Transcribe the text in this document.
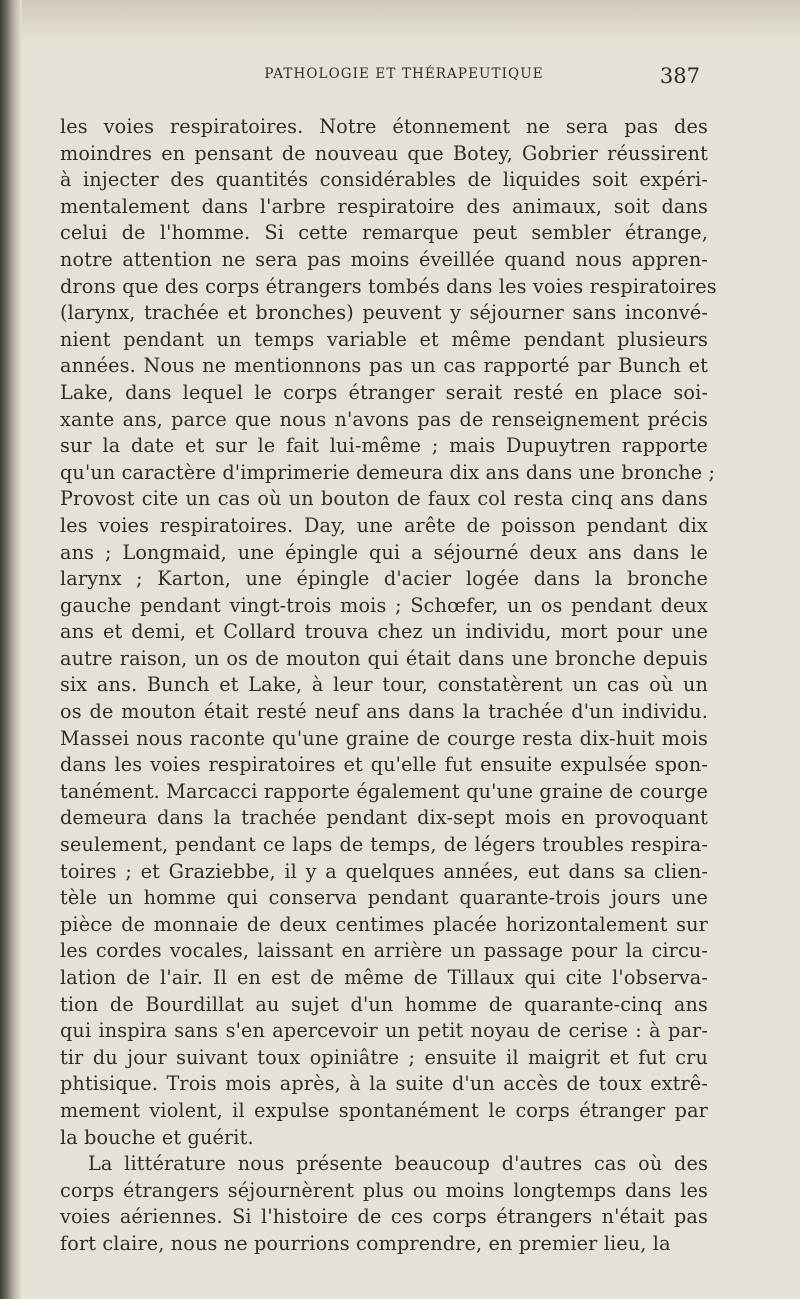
PATHOLOGIE ET THÉRAPEUTIQUE	387
les voies respiratoires. Notre étonnement ne sera pas des
moindres en pensant de nouveau que Botey, Gobrier réussirent
à injecter des quantités considérables de liquides soit expéri-
mentalement dans l'arbre respiratoire des animaux, soit dans
celui de l'homme. Si cette remarque peut sembler étrange,
notre attention ne sera pas moins éveillée quand nous appren-
drons que des corps étrangers tombés dans les voies respiratoires
(larynx, trachée et bronches) peuvent y séjourner sans inconvé-
nient pendant un temps variable et même pendant plusieurs
années. Nous ne mentionnons pas un cas rapporté par Bunch et
Lake, dans lequel le corps étranger serait resté en place soi-
xante ans, parce que nous n'avons pas de renseignement précis
sur la date et sur le fait lui-même ; mais Dupuytren rapporte
qu'un caractère d'imprimerie demeura dix ans dans une bronche ;
Provost cite un cas où un bouton de faux col resta cinq ans dans
les voies respiratoires. Day, une arête de poisson pendant dix
ans ; Longmaid, une épingle qui a séjourné deux ans dans le
larynx ; Karton, une épingle d'acier logée dans la bronche
gauche pendant vingt-trois mois ; Schœfer, un os pendant deux
ans et demi, et Collard trouva chez un individu, mort pour une
autre raison, un os de mouton qui était dans une bronche depuis
six ans. Bunch et Lake, à leur tour, constatèrent un cas où un
os de mouton était resté neuf ans dans la trachée d'un individu.
Massei nous raconte qu'une graine de courge resta dix-huit mois
dans les voies respiratoires et qu'elle fut ensuite expulsée spon-
tanément. Marcacci rapporte également qu'une graine de courge
demeura dans la trachée pendant dix-sept mois en provoquant
seulement, pendant ce laps de temps, de légers troubles respira-
toires ; et Graziebbe, il y a quelques années, eut dans sa clien-
tèle un homme qui conserva pendant quarante-trois jours une
pièce de monnaie de deux centimes placée horizontalement sur
les cordes vocales, laissant en arrière un passage pour la circu-
lation de l'air. Il en est de même de Tillaux qui cite l'observa-
tion de Bourdillat au sujet d'un homme de quarante-cinq ans
qui inspira sans s'en apercevoir un petit noyau de cerise : à par-
tir du jour suivant toux opiniâtre ; ensuite il maigrit et fut cru
phtisique. Trois mois après, à la suite d'un accès de toux extrê-
mement violent, il expulse spontanément le corps étranger par
la bouche et guérit.
La littérature nous présente beaucoup d'autres cas où des
corps étrangers séjournèrent plus ou moins longtemps dans les
voies aériennes. Si l'histoire de ces corps étrangers n'était pas
fort claire, nous ne pourrions comprendre, en premier lieu, la
